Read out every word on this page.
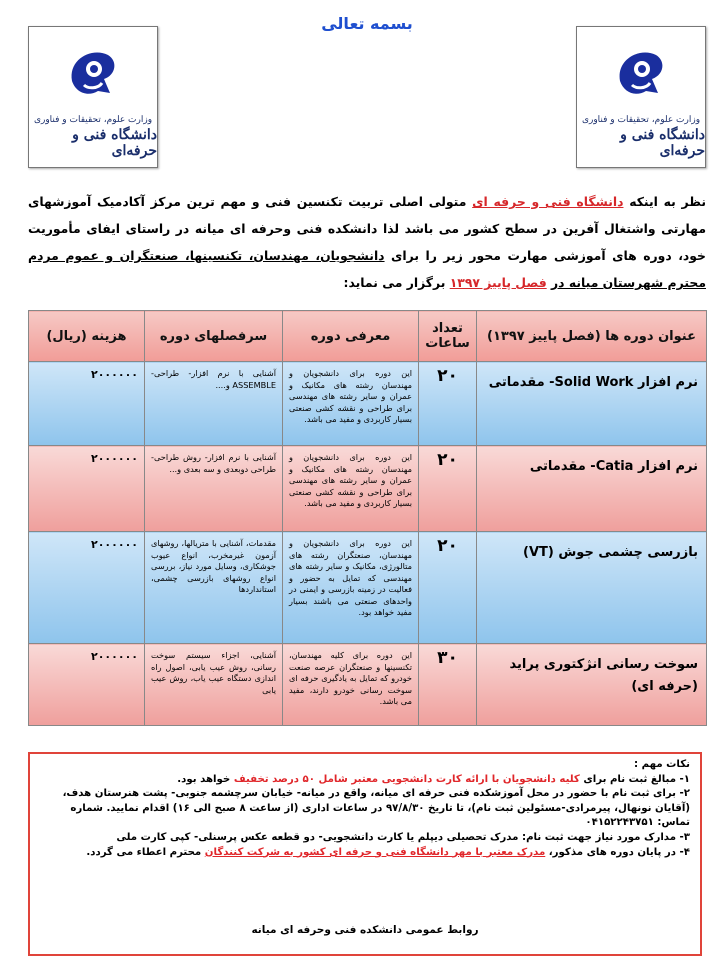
بسمه تعالی
وزارت علوم، تحقیقات و فناوری
دانشگاه فنی و حرفه‌ای
وزارت علوم، تحقیقات و فناوری
دانشگاه فنی و حرفه‌ای
نظر به اینکه دانشگاه فنی و حرفه ای متولی اصلی تربیت تکنسین فنی و مهم ترین مرکز آکادمیک آموزشهای مهارتی واشتغال آفرین در سطح کشور می باشد لذا دانشکده فنی وحرفه ای میانه در راستای ایفای مأموریت خود، دوره های آموزشی مهارت محور زیر را برای دانشجویان، مهندسان، تکنسینها، صنعتگران و عموم مردم محترم شهرستان میانه در فصل پاییز ۱۳۹۷ برگزار می نماید:
عنوان دوره ها (فصل پاییز ۱۳۹۷)	تعداد ساعات	معرفی دوره	سرفصلهای دوره	هزینه (ریال)
نرم افزار Solid Work- مقدماتی	۲۰	این دوره برای دانشجویان و مهندسان رشته های مکانیک و عمران و سایر رشته های مهندسی برای طراحی و نقشه کشی صنعتی بسیار کاربردی و مفید می باشد.	آشنایی با نرم افزار- طراحی- ASSEMBLE و....	۲۰۰۰۰۰۰
نرم افزار Catia- مقدماتی	۲۰	این دوره برای دانشجویان و مهندسان رشته های مکانیک و عمران و سایر رشته های مهندسی برای طراحی و نقشه کشی صنعتی بسیار کاربردی و مفید می باشد.	آشنایی با نرم افزار- روش طراحی- طراحی دوبعدی و سه بعدی و...	۲۰۰۰۰۰۰
بازرسی چشمی جوش (VT)	۲۰	این دوره برای دانشجویان و مهندسان، صنعتگران رشته های متالورژی، مکانیک و سایر رشته های مهندسی که تمایل به حضور و فعالیت در زمینه بازرسی و ایمنی در واحدهای صنعتی می باشند بسیار مفید خواهد بود.	مقدمات، آشنایی با متریالها، روشهای آزمون غیرمخرب، انواع عیوب جوشکاری، وسایل مورد نیاز، بررسی انواع روشهای بازرسی چشمی، استانداردها	۲۰۰۰۰۰۰
سوخت رسانی انژکتوری پراید (حرفه ای)	۳۰	این دوره برای کلیه مهندسان، تکنسینها و صنعتگران عرصه صنعت خودرو که تمایل به یادگیری حرفه ای سوخت رسانی خودرو دارند، مفید می باشد.	آشنایی، اجزاء سیستم سوخت رسانی، روش عیب یابی، اصول راه اندازی دستگاه عیب یاب، روش عیب یابی	۲۰۰۰۰۰۰

نکات مهم :

۱- مبالغ ثبت نام برای کلیه دانشجویان با ارائه کارت دانشجویی معتبر شامل ۵۰ درصد تخفیف خواهد بود.

۲- برای ثبت نام با حضور در محل آموزشکده فنی حرفه ای میانه، واقع در میانه- خیابان سرچشمه جنوبی- پشت هنرستان هدف، (آقایان نونهال، پیرمرادی-مسئولین ثبت نام)، تا تاریخ ۹۷/۸/۳۰ در ساعات اداری (از ساعت ۸ صبح الی ۱۶) اقدام نمایید. شماره تماس: ۰۴۱۵۲۲۴۳۷۵۱

۳- مدارک مورد نیاز جهت ثبت نام: مدرک تحصیلی دیپلم یا کارت دانشجویی- دو قطعه عکس پرسنلی- کپی کارت ملی

۴- در پایان دوره های مذکور، مدرک معتبر با مهر دانشگاه فنی و حرفه ای کشور به شرکت کنندگان محترم اعطاء می گردد.

روابط عمومی دانشکده فنی وحرفه ای میانه
